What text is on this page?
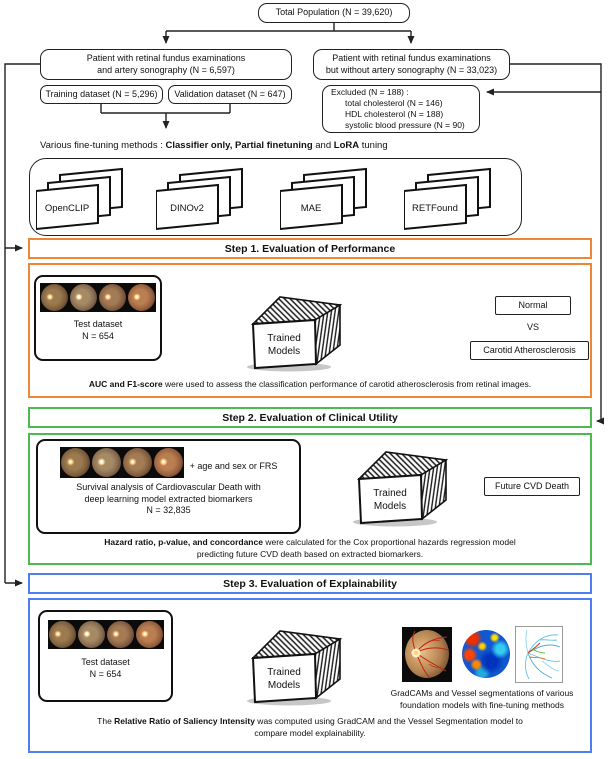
Total Population (N = 39,620)
Patient with retinal fundus examinations
and artery sonography (N = 6,597)
Patient with retinal fundus examinations
but without artery sonography (N = 33,023)
Training dataset (N = 5,296) Validation dataset (N = 647)	Excluded (N = 188) :
total cholesterol (N = 146)
HDL cholesterol (N = 188)
systolic blood pressure (N = 90)
Various fine-tuning methods : Classifier only, Partial finetuning and LoRA tuning
OpenCLIP	DINOv2	MAE	RETFound
Step 1. Evaluation of Performance
Test dataset
N = 654	Trained
Models
Normal
VS
Carotid Atherosclerosis
AUC and F1-score were used to assess the classification performance of carotid atherosclerosis from retinal images.
Step 2. Evaluation of Clinical Utility
+ age and sex or FRS
Survival analysis of Cardiovascular Death with
deep learning model extracted biomarkers
N = 32,835
Trained
Models
Future CVD Death
Hazard ratio, p-value, and concordance were calculated for the Cox proportional hazards regression model
predicting future CVD death based on extracted biomarkers.
Step 3. Evaluation of Explainability
Test dataset
N = 654	Trained
Models
GradCAMs and Vessel segmentations of various
foundation models with fine-tuning methods
The Relative Ratio of Saliency Intensity was computed using GradCAM and the Vessel Segmentation model to
compare model explainability.
